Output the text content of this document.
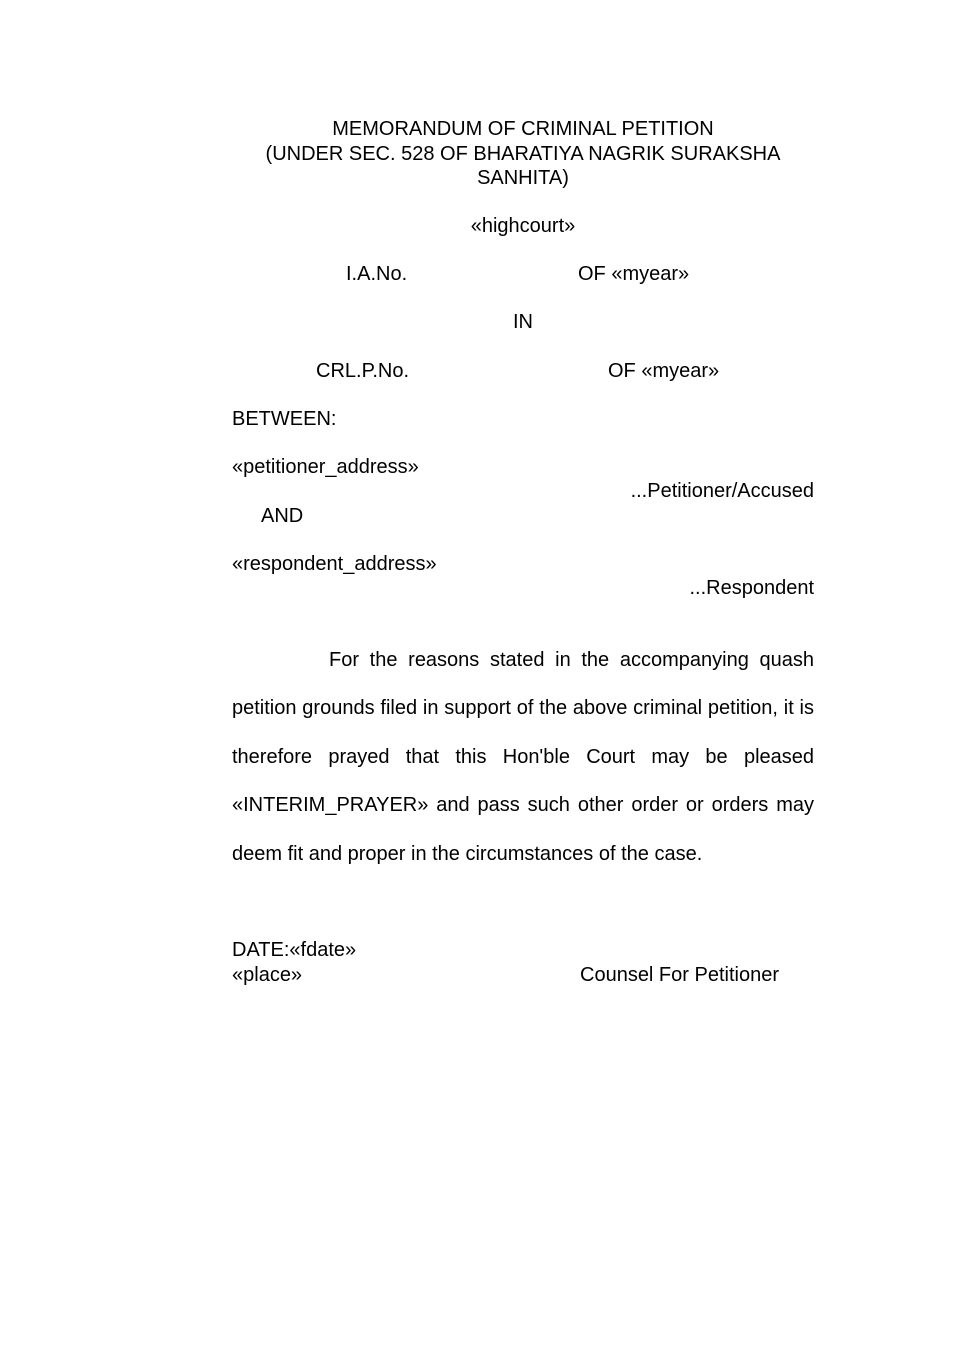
MEMORANDUM OF CRIMINAL PETITION
(UNDER SEC. 528 OF BHARATIYA NAGRIK SURAKSHA
SANHITA)
«highcourt»
I.A.No.	OF «myear»
IN
CRL.P.No.	OF «myear»
BETWEEN:
«petitioner_address»
...Petitioner/Accused
AND
«respondent_address»
...Respondent

For the reasons stated in the accompanying quash petition grounds filed in support of the above criminal petition, it is therefore prayed that this Hon'ble Court may be pleased «INTERIM_PRAYER» and pass such other order or orders may deem fit and proper in the circumstances of the case.

DATE:«fdate»
«place»	Counsel For Petitioner
